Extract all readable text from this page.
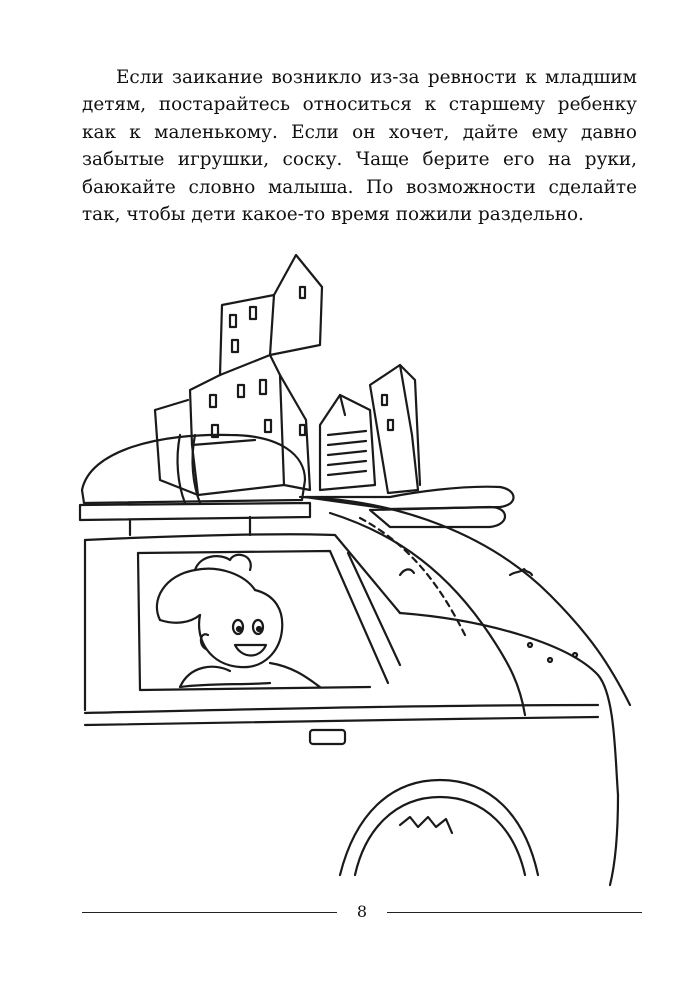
Если заикание возникло из-за ревности к младшим детям, постарайтесь относиться к старшему ребенку как к маленькому. Если он хочет, дайте ему давно забытые игрушки, соску. Чаще берите его на руки, баюкайте словно малыша. По возможности сделайте так, чтобы дети какое-то время пожили раздельно.

8
